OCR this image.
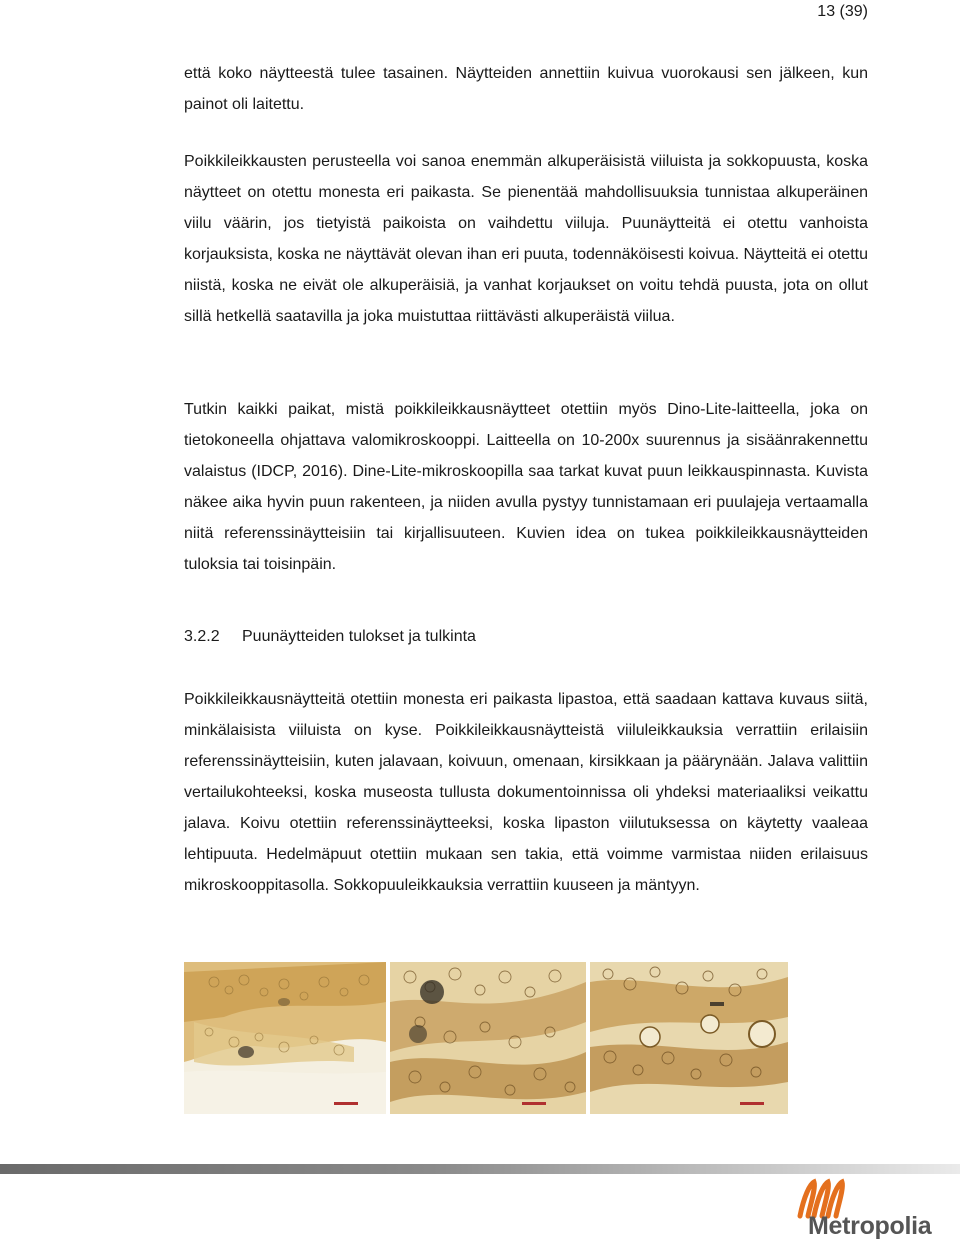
13 (39)

että koko näytteestä tulee tasainen. Näytteiden annettiin kuivua vuorokausi sen jälkeen, kun painot oli laitettu.

Poikkileikkausten perusteella voi sanoa enemmän alkuperäisistä viiluista ja sokkopuusta, koska näytteet on otettu monesta eri paikasta. Se pienentää mahdollisuuksia tunnistaa alkuperäinen viilu väärin, jos tietyistä paikoista on vaihdettu viiluja. Puunäytteitä ei otettu vanhoista korjauksista, koska ne näyttävät olevan ihan eri puuta, todennäköisesti koivua. Näytteitä ei otettu niistä, koska ne eivät ole alkuperäisiä, ja vanhat korjaukset on voitu tehdä puusta, jota on ollut sillä hetkellä saatavilla ja joka muistuttaa riittävästi alkuperäistä viilua.

Tutkin kaikki paikat, mistä poikkileikkausnäytteet otettiin myös Dino-Lite-laitteella, joka on tietokoneella ohjattava valomikroskooppi. Laitteella on 10-200x suurennus ja sisäänrakennettu valaistus (IDCP, 2016). Dine-Lite-mikroskoopilla saa tarkat kuvat puun leikkauspinnasta. Kuvista näkee aika hyvin puun rakenteen, ja niiden avulla pystyy tunnistamaan eri puulajeja vertaamalla niitä referenssinäytteisiin tai kirjallisuuteen. Kuvien idea on tukea poikkileikkausnäytteiden tuloksia tai toisinpäin.

3.2.2 Puunäytteiden tulokset ja tulkinta

Poikkileikkausnäytteitä otettiin monesta eri paikasta lipastoa, että saadaan kattava kuvaus siitä, minkälaisista viiluista on kyse. Poikkileikkausnäytteistä viiluleikkauksia verrattiin erilaisiin referenssinäytteisiin, kuten jalavaan, koivuun, omenaan, kirsikkaan ja päärynään. Jalava valittiin vertailukohteeksi, koska museosta tullusta dokumentoinnissa oli yhdeksi materiaaliksi veikattu jalava. Koivu otettiin referenssinäytteeksi, koska lipaston viilutuksessa on käytetty vaaleaa lehtipuuta. Hedelmäpuut otettiin mukaan sen takia, että voimme varmistaa niiden erilaisuus mikroskooppitasolla. Sokkopuuleikkauksia verrattiin kuuseen ja mäntyyn.

Metropolia
